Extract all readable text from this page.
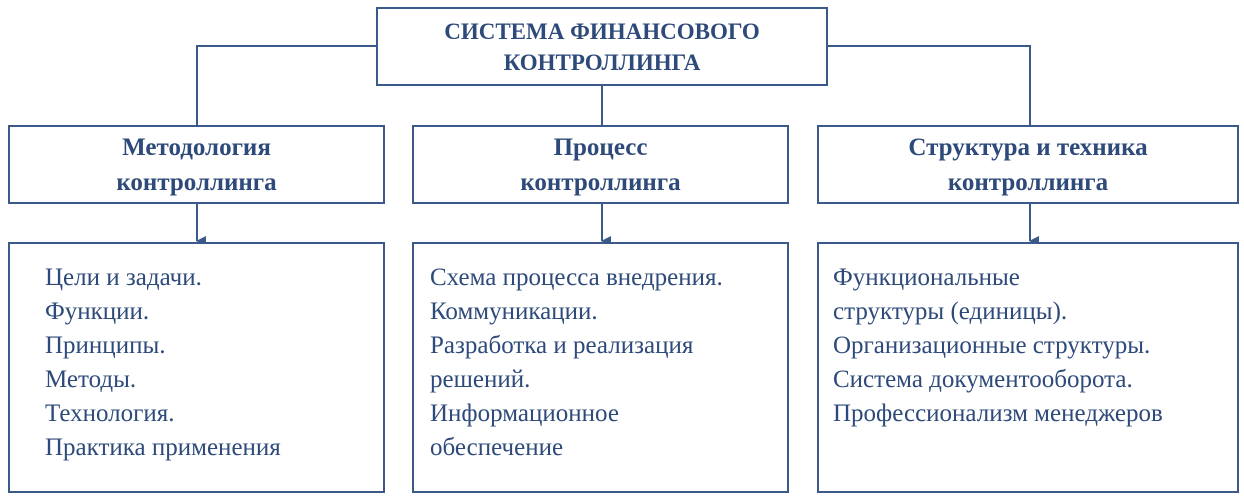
СИСТЕМА ФИНАНСОВОГО
КОНТРОЛЛИНГА
Методология
контроллинга
Процесс
контроллинга
Структура и техника
контроллинга
Цели и задачи.
Функции.
Принципы.
Методы.
Технология.
Практика применения
Схема процесса внедрения.
Коммуникации.
Разработка и реализация
решений.
Информационное
обеспечение
Функциональные
структуры (единицы).
Организационные структуры.
Система документооборота.
Профессионализм менеджеров
